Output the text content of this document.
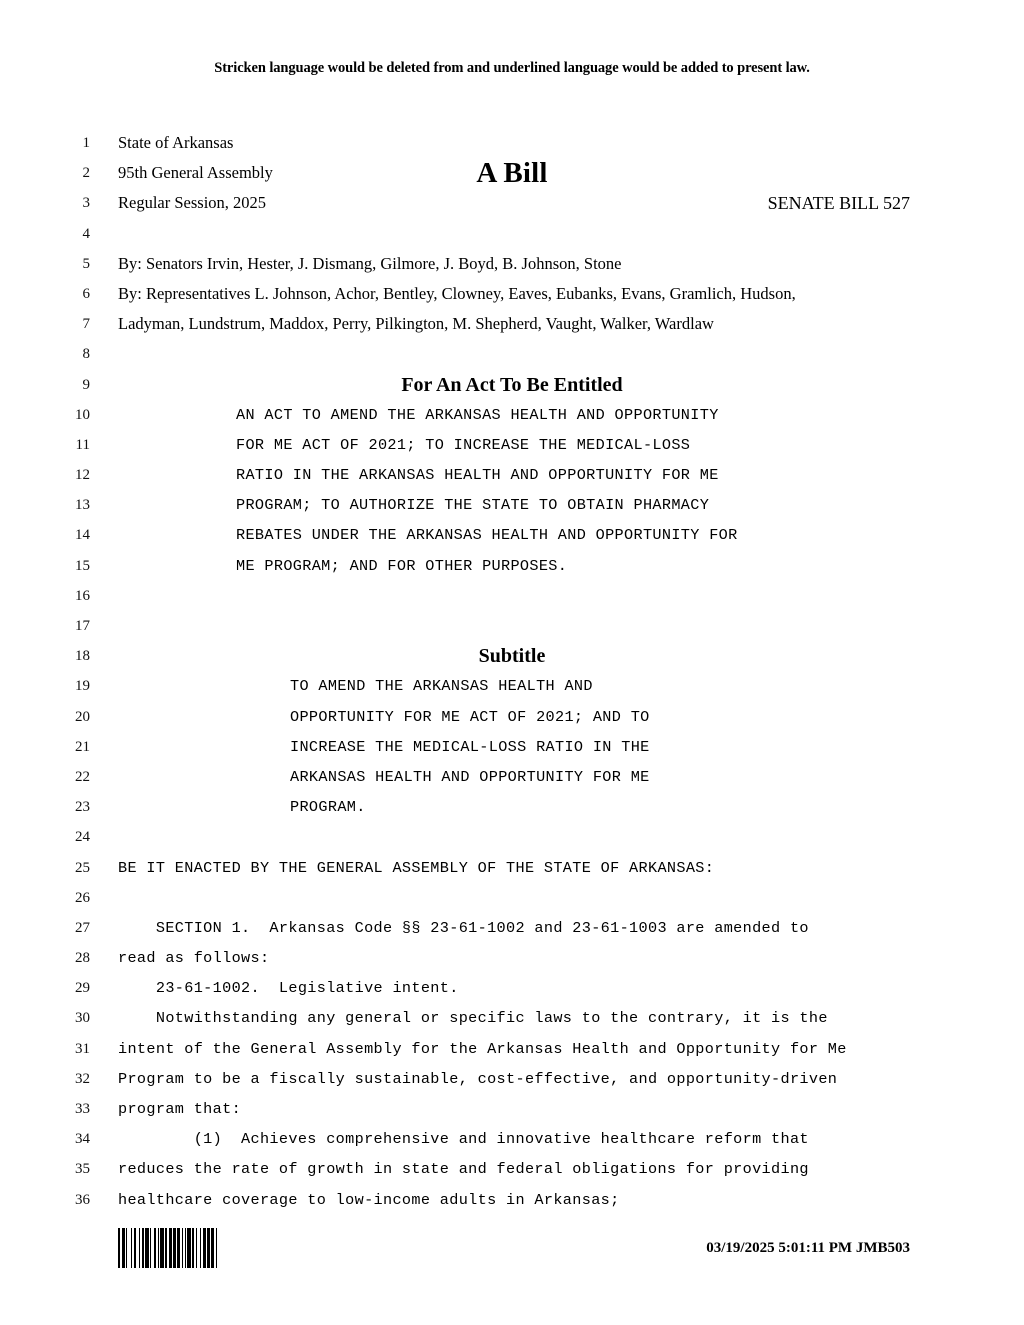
Stricken language would be deleted from and underlined language would be added to present law.
1
2
3
4
5
6
7
8
9
10
11
12
13
14
15
16
17
18
19
20
21
22
23
24
25
26
27
28
29
30
31
32
33
34
35
36

State of Arkansas

95th General Assembly

	A Bill

Regular Session, 2025

	SENATE BILL 527

By: Senators Irvin, Hester, J. Dismang, Gilmore, J. Boyd, B. Johnson, Stone

By: Representatives L. Johnson, Achor, Bentley, Clowney, Eaves, Eubanks, Evans, Gramlich, Hudson,

Ladyman, Lundstrum, Maddox, Perry, Pilkington, M. Shepherd, Vaught, Walker, Wardlaw

For An Act To Be Entitled

AN ACT TO AMEND THE ARKANSAS HEALTH AND OPPORTUNITY

FOR ME ACT OF 2021; TO INCREASE THE MEDICAL-LOSS

RATIO IN THE ARKANSAS HEALTH AND OPPORTUNITY FOR ME

PROGRAM; TO AUTHORIZE THE STATE TO OBTAIN PHARMACY

REBATES UNDER THE ARKANSAS HEALTH AND OPPORTUNITY FOR

ME PROGRAM; AND FOR OTHER PURPOSES.

Subtitle

TO AMEND THE ARKANSAS HEALTH AND

OPPORTUNITY FOR ME ACT OF 2021; AND TO

INCREASE THE MEDICAL-LOSS RATIO IN THE

ARKANSAS HEALTH AND OPPORTUNITY FOR ME

PROGRAM.

BE IT ENACTED BY THE GENERAL ASSEMBLY OF THE STATE OF ARKANSAS:

SECTION 1.  Arkansas Code §§ 23-61-1002 and 23-61-1003 are amended to

read as follows:

23-61-1002.  Legislative intent.

Notwithstanding any general or specific laws to the contrary, it is the

intent of the General Assembly for the Arkansas Health and Opportunity for Me

Program to be a fiscally sustainable, cost-effective, and opportunity-driven

program that:

(1)  Achieves comprehensive and innovative healthcare reform that

reduces the rate of growth in state and federal obligations for providing

healthcare coverage to low-income adults in Arkansas;

03/19/2025 5:01:11 PM JMB503
